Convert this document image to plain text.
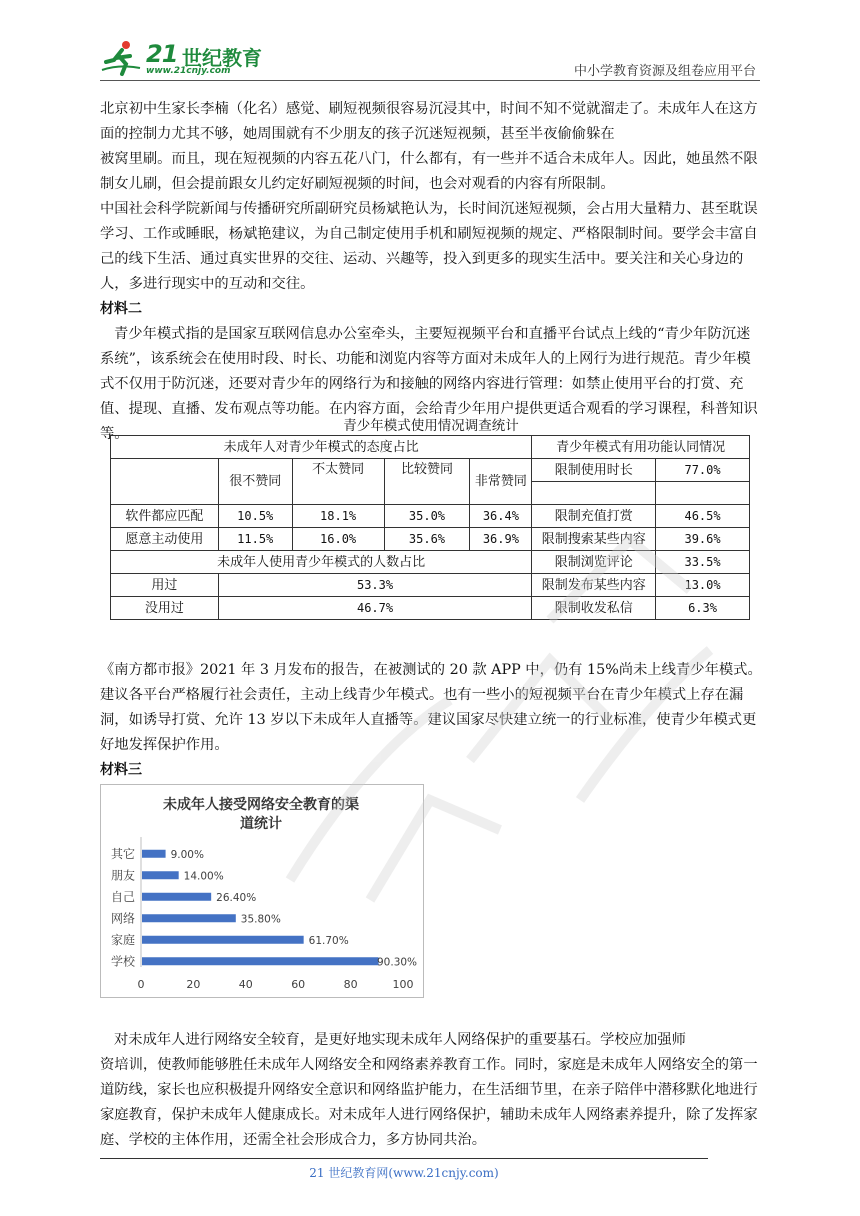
21 世纪教育
www.21cnjy.com	中小学教育资源及组卷应用平台

北京初中生家长李楠（化名）感觉、刷短视频很容易沉浸其中，时间不知不觉就溜走了。未成年人在这方面的控制力尤其不够，她周围就有不少朋友的孩子沉迷短视频，甚至半夜偷偷躲在

被窝里刷。而且，现在短视频的内容五花八门，什么都有，有一些并不适合未成年人。因此，她虽然不限制女儿刷，但会提前跟女儿约定好刷短视频的时间，也会对观看的内容有所限制。

中国社会科学院新闻与传播研究所副研究员杨斌艳认为，长时间沉迷短视频，会占用大量精力、甚至耽误学习、工作或睡眠，杨斌艳建议，为自己制定使用手机和刷短视频的规定、严格限制时间。要学会丰富自己的线下生活、通过真实世界的交往、运动、兴趣等，投入到更多的现实生活中。要关注和关心身边的人，多进行现实中的互动和交往。

材料二

青少年模式指的是国家互联网信息办公室牵头，主要短视频平台和直播平台试点上线的“青少年防沉迷系统”，该系统会在使用时段、时长、功能和浏览内容等方面对未成年人的上网行为进行规范。青少年模式不仅用于防沉迷，还要对青少年的网络行为和接触的网络内容进行管理：如禁止使用平台的打赏、充值、提现、直播、发布观点等功能。在内容方面，会给青少年用户提供更适合观看的学习课程，科普知识等。	青少年模式使用情况调查统计
未成年人对青少年模式的态度占比					青少年模式有用功能认同情况	
	很不赞同	不太赞同	比较赞同	非常赞同	限制使用时长	77.0%

软件都应匹配	10.5%	18.1%	35.0%	36.4%	限制充值打赏	46.5%
愿意主动使用	11.5%	16.0%	35.6%	36.9%	限制搜索某些内容	39.6%
未成年人使用青少年模式的人数占比					限制浏览评论	33.5%
用过	53.3%				限制发布某些内容	13.0%
没用过	46.7%				限制收发私信	6.3%

《南方都市报》2021 年 3 月发布的报告，在被测试的 20 款 APP 中，仍有 15%尚未上线青少年模式。建议各平台严格履行社会责任，主动上线青少年模式。也有一些小的短视频平台在青少年模式上存在漏洞，如诱导打赏、允许 13 岁以下未成年人直播等。建议国家尽快建立统一的行业标准，使青少年模式更好地发挥保护作用。

材料三

未成年人接受网络安全教育的渠
道统计
其它	9.00%
朋友	14.00%
自己	26.40%
网络	35.80%
家庭	61.70%
学校	90.30%
0	20	40	60	80	100

对未成年人进行网络安全较育，是更好地实现未成年人网络保护的重要基石。学校应加强师

资培训，使教师能够胜任未成年人网络安全和网络素养教育工作。同时，家庭是未成年人网络安全的第一道防线，家长也应积极提升网络安全意识和网络监护能力，在生活细节里，在亲子陪伴中潜移默化地进行家庭教育，保护未成年人健康成长。对未成年人进行网络保护，辅助未成年人网络素养提升，除了发挥家庭、学校的主体作用，还需全社会形成合力，多方协同共治。

21 世纪教育网(www.21cnjy.com)
